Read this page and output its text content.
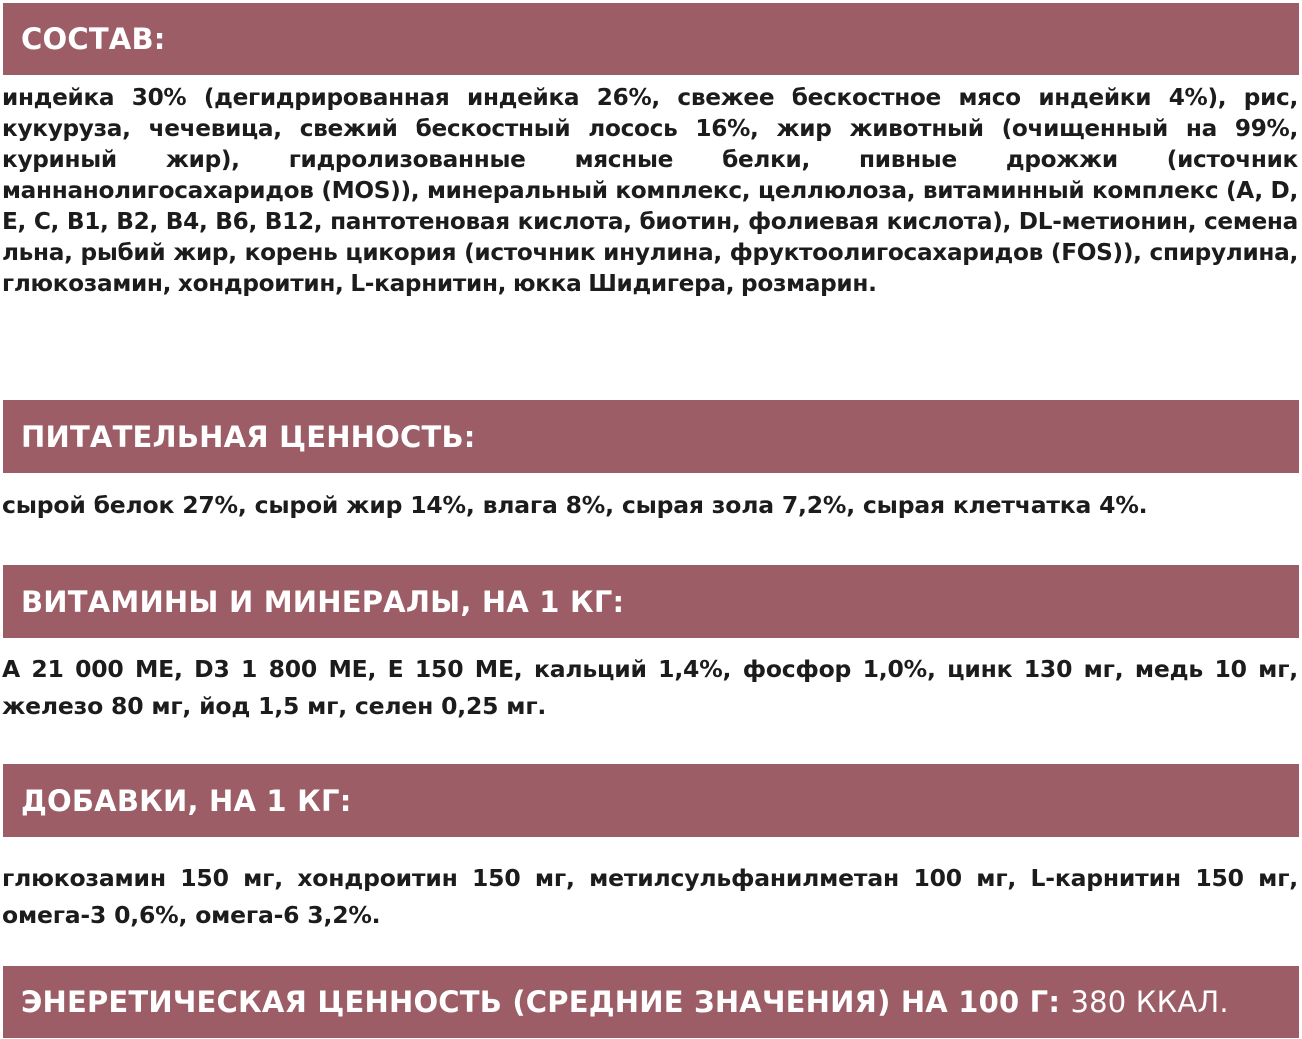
СОСТАВ:

индейка 30% (дегидрированная индейка 26%, свежее бескостное мясо индейки 4%), рис, кукуруза, чечевица, свежий бескостный лосось 16%, жир животный (очищенный на 99%, куриный жир), гидролизованные мясные белки, пивные дрожжи (источник маннанолигосахаридов (MOS)), минеральный комплекс, целлюлоза, витаминный комплекс (A, D, E, C, B1, B2, B4, B6, B12, пантотеновая кислота, биотин, фолиевая кислота), DL-метионин, семена льна, рыбий жир, корень цикория (источник инулина, фруктоолигосахаридов (FOS)), спирулина, глюкозамин, хондроитин, L-карнитин, юкка Шидигера, розмарин.

ПИТАТЕЛЬНАЯ ЦЕННОСТЬ:

сырой белок 27%, сырой жир 14%, влага 8%, сырая зола 7,2%, сырая клетчатка 4%.

ВИТАМИНЫ И МИНЕРАЛЫ, НА 1 КГ:

A 21 000 МЕ, D3 1 800 МЕ, Е 150 МЕ, кальций 1,4%, фосфор 1,0%, цинк 130 мг, медь 10 мг, железо 80 мг, йод 1,5 мг, селен 0,25 мг.

ДОБАВКИ, НА 1 КГ:

глюкозамин 150 мг, хондроитин 150 мг, метилсульфанилметан 100 мг, L-карнитин 150 мг, омега-3 0,6%, омега-6 3,2%.

ЭНЕРЕТИЧЕСКАЯ ЦЕННОСТЬ (СРЕДНИЕ ЗНАЧЕНИЯ) НА 100 Г:
380 ККАЛ.
